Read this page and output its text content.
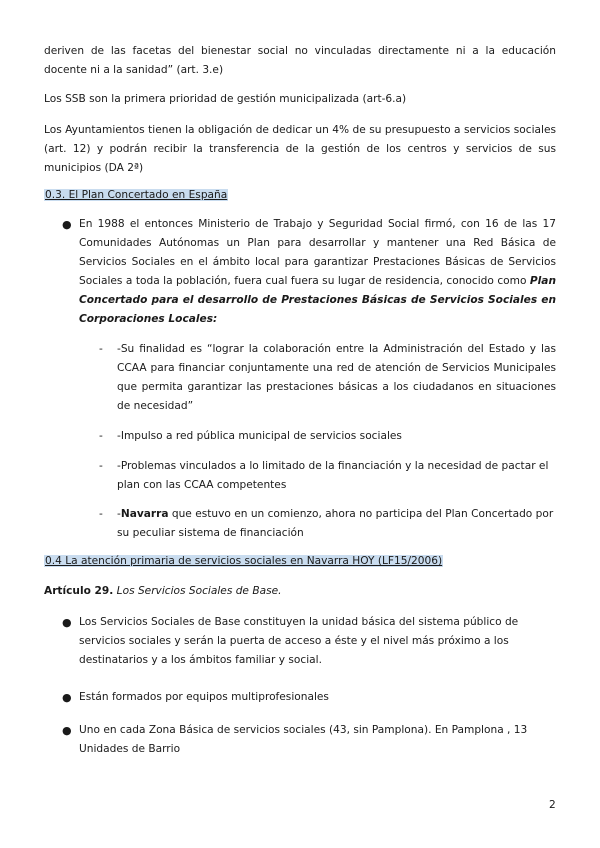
deriven de las facetas del bienestar social no vinculadas directamente ni a la educación docente ni a la sanidad” (art. 3.e)

Los SSB son la primera prioridad de gestión municipalizada (art-6.a)

Los Ayuntamientos tienen la obligación de dedicar un 4% de su presupuesto a servicios sociales (art. 12) y podrán recibir la transferencia de la gestión de los centros y servicios de sus municipios (DA 2ª)

0.3. El Plan Concertado en España
● En 1988 el entonces Ministerio de Trabajo y Seguridad Social firmó, con 16 de las 17 Comunidades Autónomas un Plan para desarrollar y mantener una Red Básica de Servicios Sociales en el ámbito local para garantizar Prestaciones Básicas de Servicios Sociales a toda la población, fuera cual fuera su lugar de residencia, conocido como Plan Concertado para el desarrollo de Prestaciones Básicas de Servicios Sociales en Corporaciones Locales:

- -Su finalidad es “lograr la colaboración entre la Administración del Estado y las CCAA para financiar conjuntamente una red de atención de Servicios Municipales que permita garantizar las prestaciones básicas a los ciudadanos en situaciones de necesidad”

- -Impulso a red pública municipal de servicios sociales

- -Problemas vinculados a lo limitado de la financiación y la necesidad de pactar el plan con las CCAA competentes

- -Navarra que estuvo en un comienzo, ahora no participa del Plan Concertado por su peculiar sistema de financiación

0.4 La atención primaria de servicios sociales en Navarra HOY (LF15/2006)

Artículo 29. Los Servicios Sociales de Base.

● Los Servicios Sociales de Base constituyen la unidad básica del sistema público de servicios sociales y serán la puerta de acceso a éste y el nivel más próximo a los destinatarios y a los ámbitos familiar y social.

● Están formados por equipos multiprofesionales

● Uno en cada Zona Básica de servicios sociales (43, sin Pamplona). En Pamplona , 13 Unidades de Barrio

2
